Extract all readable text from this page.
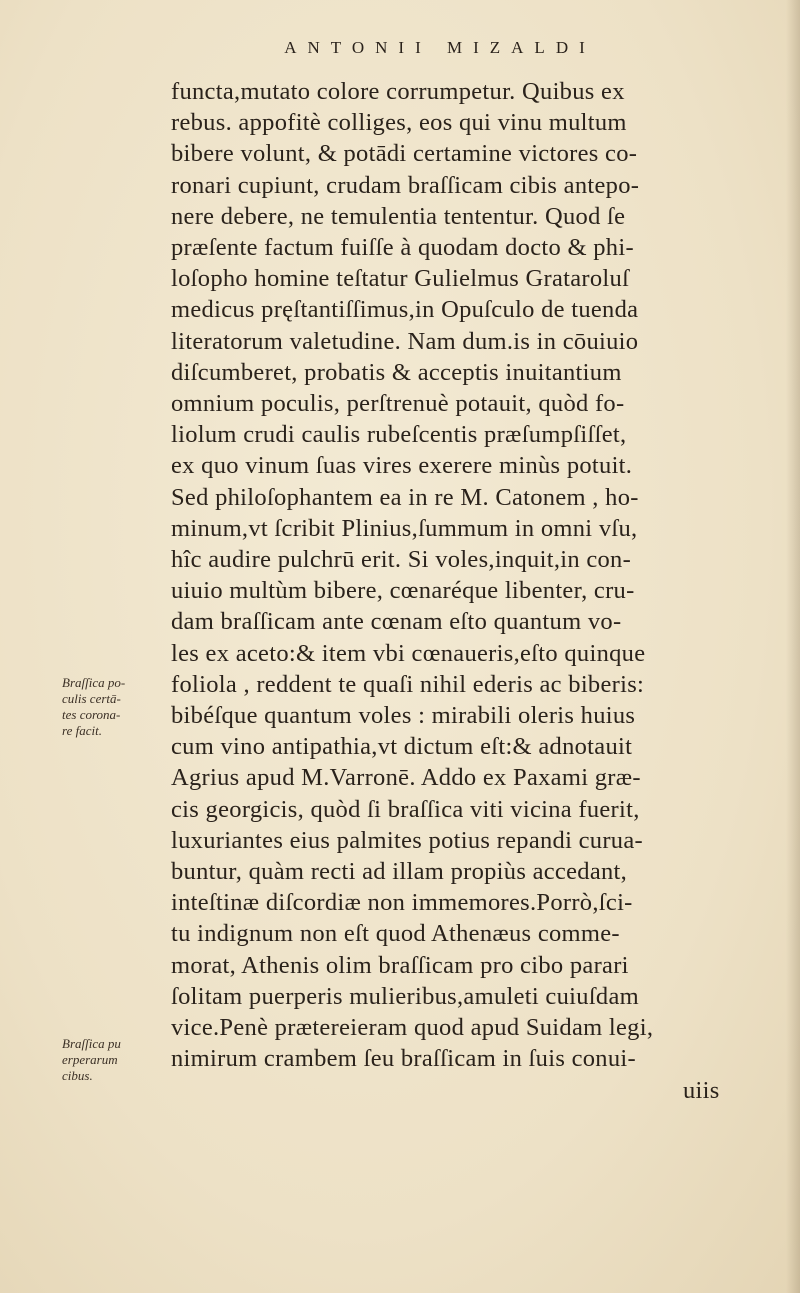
ANTONII MIZALDI
functa,mutato colore corrumpetur. Quibus ex
rebus. appofitè colliges, eos qui vinu multum
bibere volunt, & potādi certamine victores co-
ronari cupiunt, crudam braſſicam cibis antepo-
nere debere, ne temulentia tententur. Quod ſe
præſente factum fuiſſe à quodam docto & phi-
loſopho homine teſtatur Gulielmus Grataroluſ
medicus pręſtantiſſimus,in Opuſculo de tuenda
literatorum valetudine. Nam dum.is in cōuiuio
diſcumberet, probatis & acceptis inuitantium
omnium poculis, perſtrenuè potauit, quòd fo-
liolum crudi caulis rubeſcentis præſumpſiſſet,
ex quo vinum ſuas vires exerere minùs potuit.
Sed philoſophantem ea in re M. Catonem , ho-
minum,vt ſcribit Plinius,ſummum in omni vſu,
hîc audire pulchrū erit. Si voles,inquit,in con-
uiuio multùm bibere, cœnaréque libenter, cru-
dam braſſicam ante cœnam eſto quantum vo-
les ex aceto:& item vbi cœnaueris,eſto quinque
foliola , reddent te quaſi nihil ederis ac biberis:
bibéſque quantum voles : mirabili oleris huius
cum vino antipathia,vt dictum eſt:& adnotauit
Agrius apud M.Varronē. Addo ex Paxami græ-
cis georgicis, quòd ſi braſſica viti vicina fuerit,
luxuriantes eius palmites potius repandi curua-
buntur, quàm recti ad illam propiùs accedant,
inteſtinæ diſcordiæ non immemores.Porrò,ſci-
tu indignum non eſt quod Athenæus comme-
morat, Athenis olim braſſicam pro cibo parari
ſolitam puerperis mulieribus,amuleti cuiuſdam
vice.Penè prætereieram quod apud Suidam legi,
nimirum crambem ſeu braſſicam in ſuis conui-
uiis
Braſſica po-
culis certā-
tes corona-
re facit.
Braſſica pu
erperarum
cibus.
